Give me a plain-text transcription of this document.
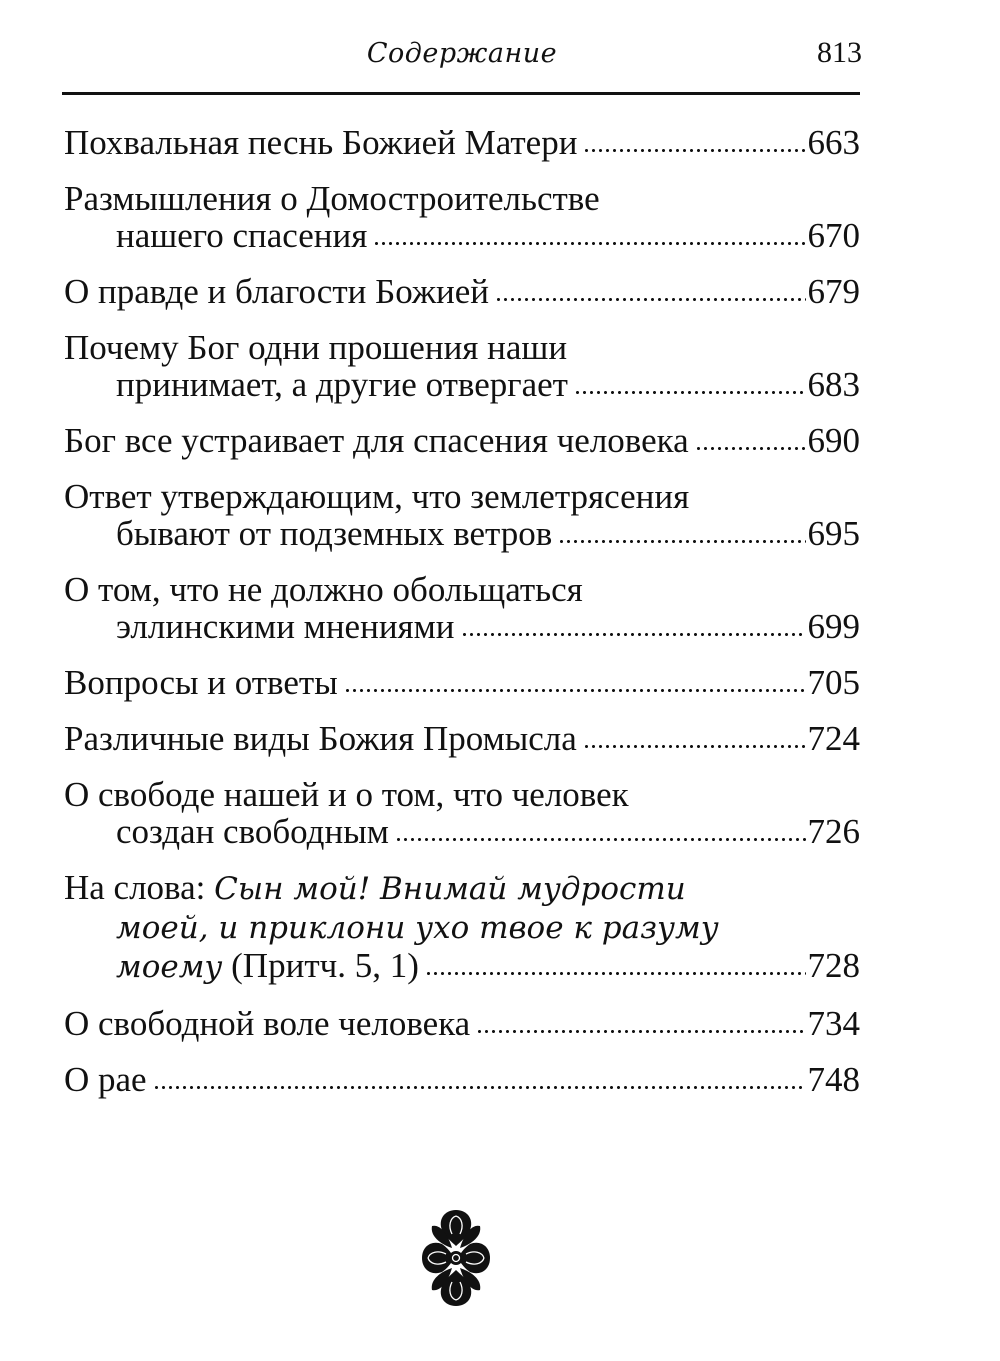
Содержание	813
Похвальная песнь Божией Матери	663
Размышления о Домостроительстве
нашего спасения	670
О правде и благости Божией	679
Почему Бог одни прошения наши
принимает, а другие отвергает	683
Бог все устраивает для спасения человека	690
Ответ утверждающим, что землетрясения
бывают от подземных ветров	695
О том, что не должно обольщаться
эллинскими мнениями	699
Вопросы и ответы	705
Различные виды Божия Промысла	724
О свободе нашей и о том, что человек
создан свободным	726
На слова: Сын мой! Внимай мудрости
моей, и приклони ухо твое к разуму
моему (Притч. 5, 1)	728
О свободной воле человека	734
О рае	748
